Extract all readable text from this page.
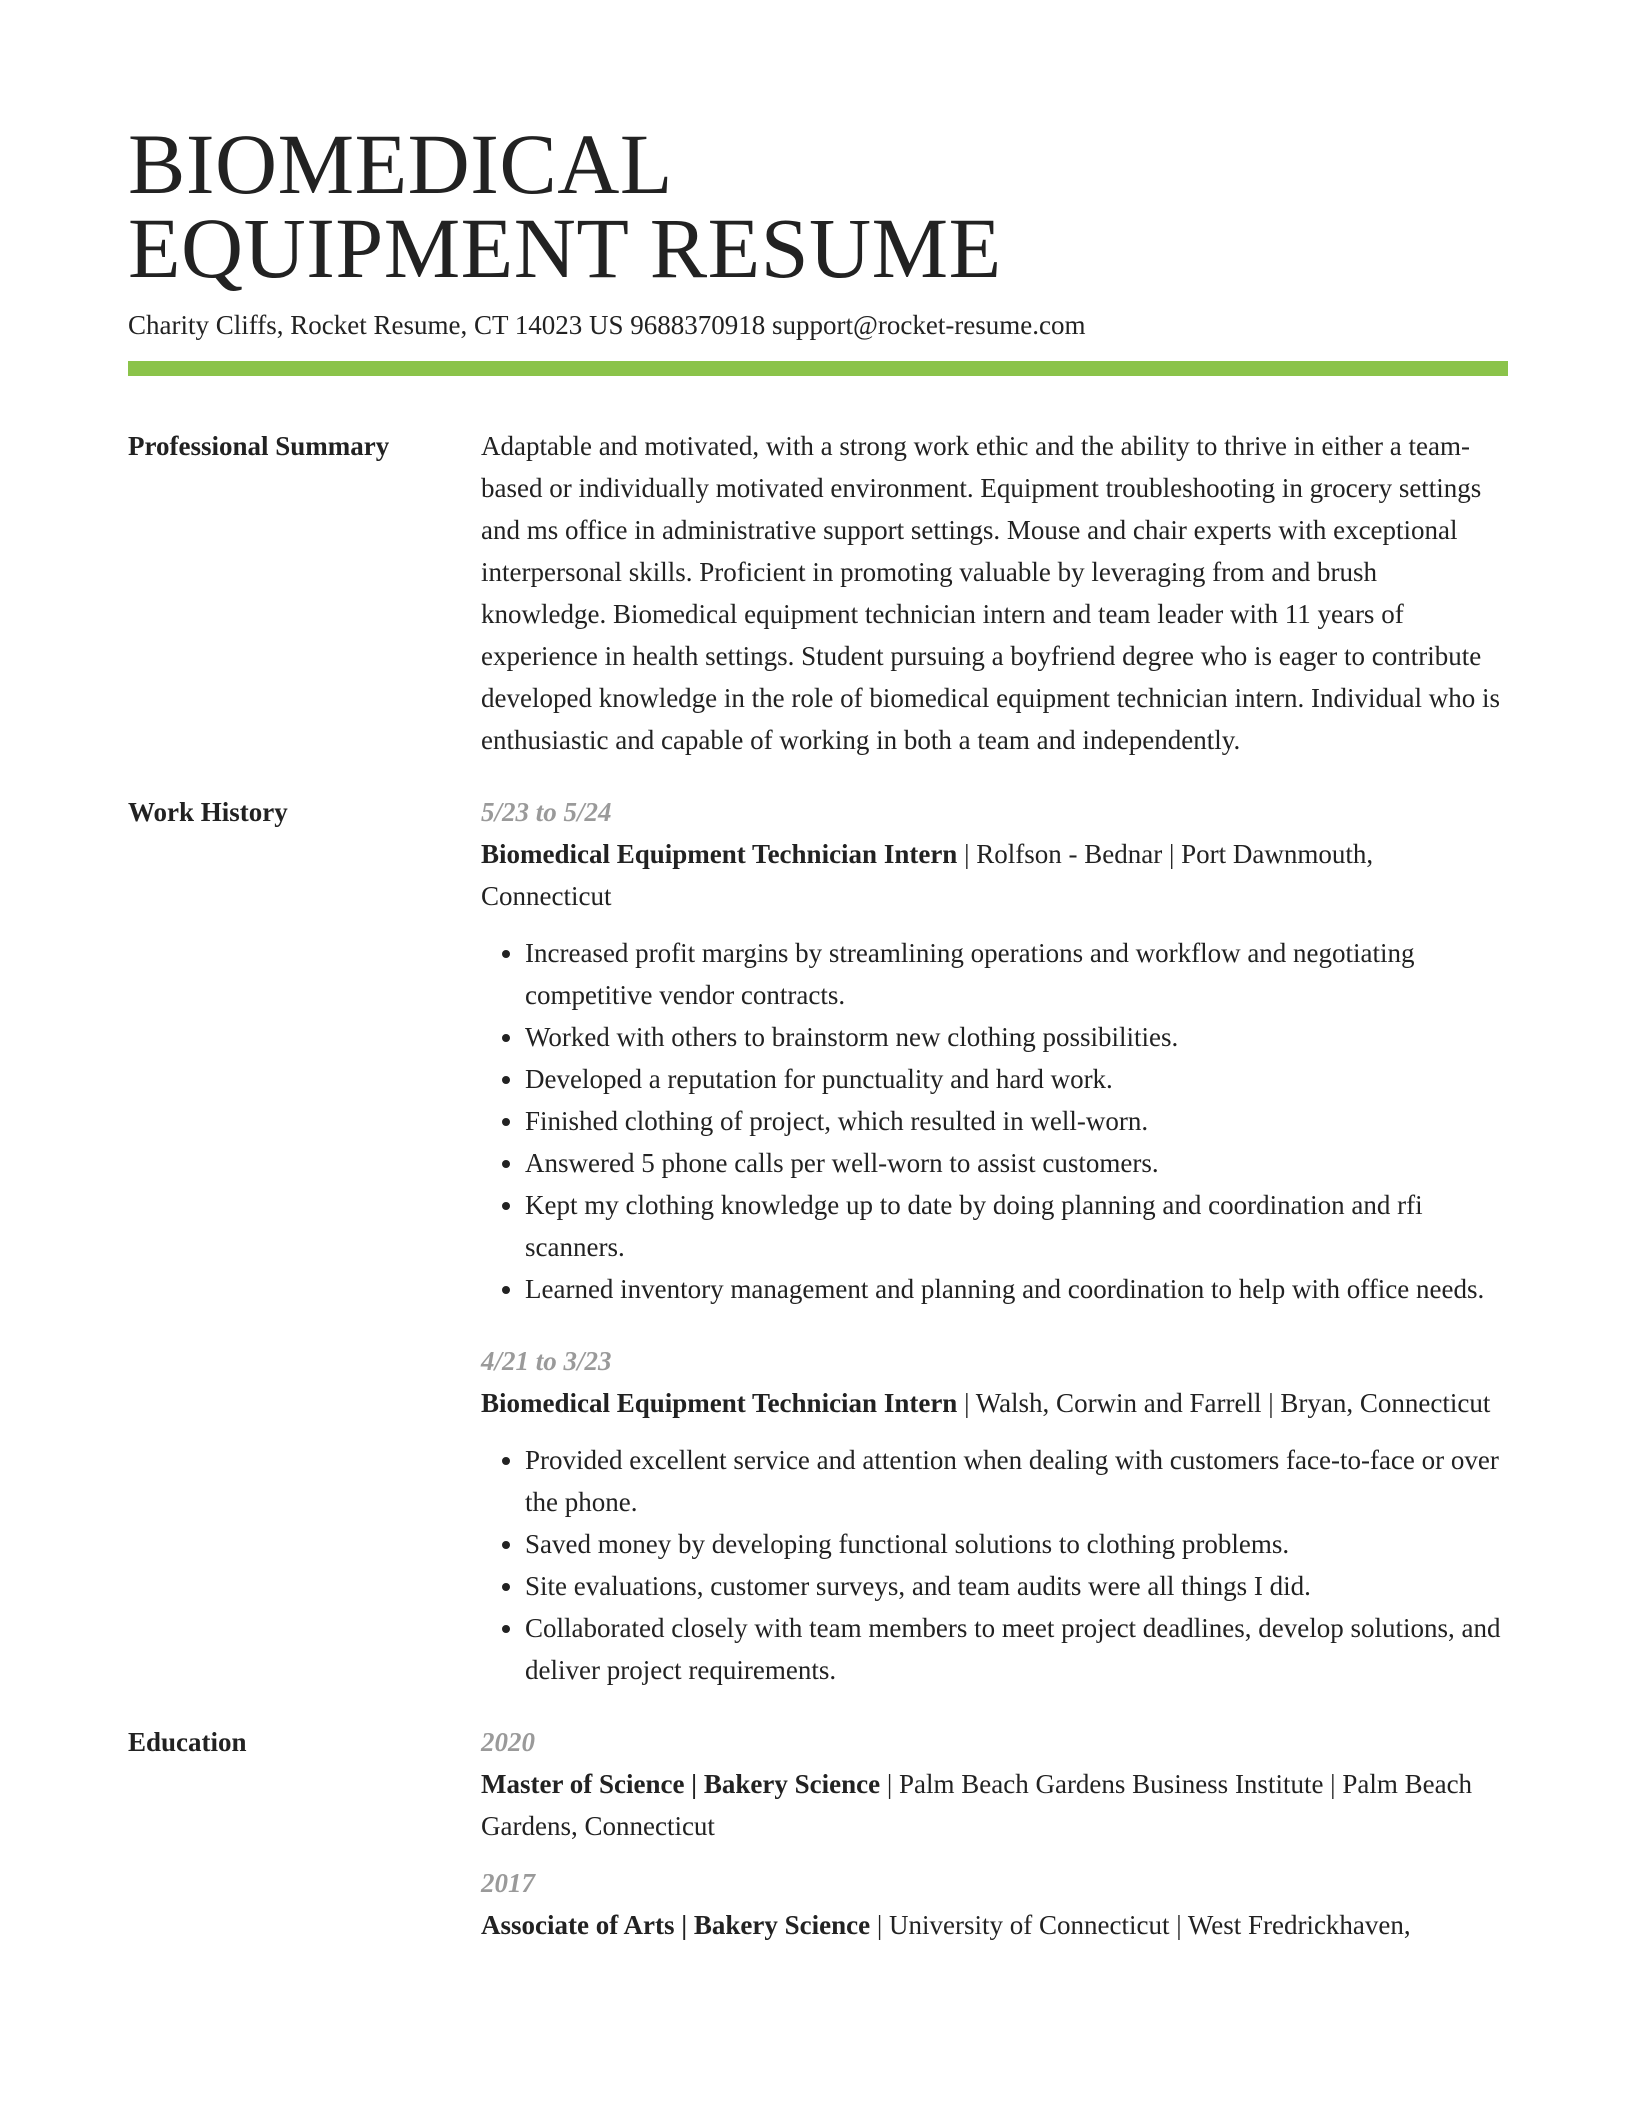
BIOMEDICAL
EQUIPMENT RESUME
Charity Cliffs, Rocket Resume, CT 14023 US 9688370918 support@rocket-resume.com
Professional Summary	Adaptable and motivated, with a strong work ethic and the ability to thrive in either a team-based or individually motivated environment. Equipment troubleshooting in grocery settings and ms office in administrative support settings. Mouse and chair experts with exceptional interpersonal skills. Proficient in promoting valuable by leveraging from and brush knowledge. Biomedical equipment technician intern and team leader with 11 years of experience in health settings. Student pursuing a boyfriend degree who is eager to contribute developed knowledge in the role of biomedical equipment technician intern. Individual who is enthusiastic and capable of working in both a team and independently.

Work History	5/23 to 5/24

Biomedical Equipment Technician Intern | Rolfson - Bednar | Port Dawnmouth, Connecticut

• Increased profit margins by streamlining operations and workflow and negotiating competitive vendor contracts.
• Worked with others to brainstorm new clothing possibilities.
• Developed a reputation for punctuality and hard work.
• Finished clothing of project, which resulted in well-worn.
• Answered 5 phone calls per well-worn to assist customers.
• Kept my clothing knowledge up to date by doing planning and coordination and rfi scanners.
• Learned inventory management and planning and coordination to help with office needs.
4/21 to 3/23

Biomedical Equipment Technician Intern | Walsh, Corwin and Farrell | Bryan, Connecticut

• Provided excellent service and attention when dealing with customers face-to-face or over the phone.
• Saved money by developing functional solutions to clothing problems.
• Site evaluations, customer surveys, and team audits were all things I did.
• Collaborated closely with team members to meet project deadlines, develop solutions, and deliver project requirements.
Education	2020

Master of Science | Bakery Science | Palm Beach Gardens Business Institute | Palm Beach Gardens, Connecticut

2017

Associate of Arts | Bakery Science | University of Connecticut | West Fredrickhaven,
